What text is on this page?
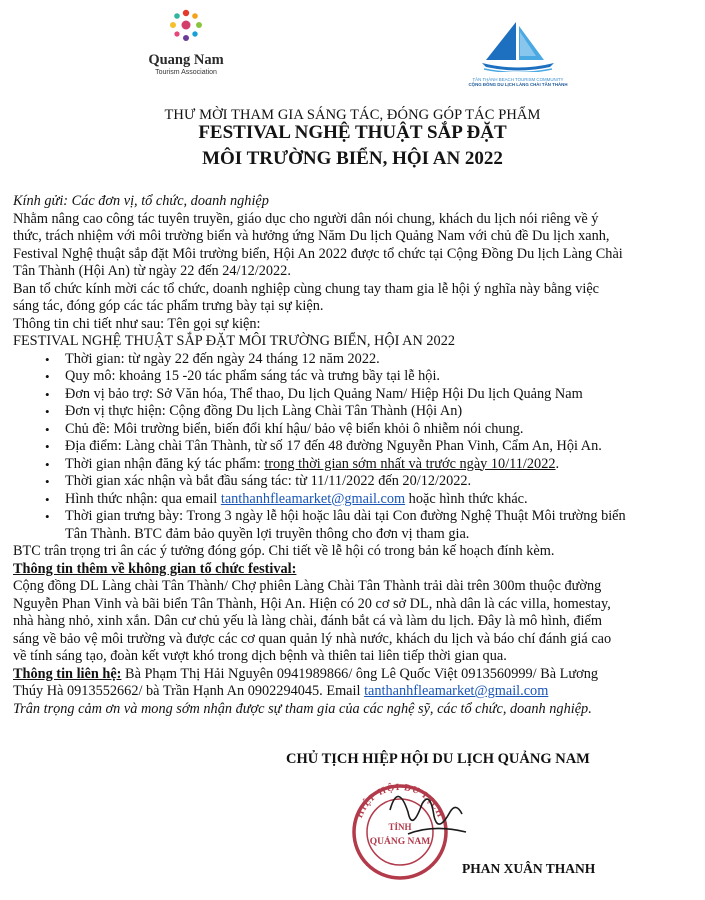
Quang Nam
Tourism Association
TÂN THÀNH BEACH TOURISM COMMUNITY
CỘNG ĐỒNG DU LỊCH LÀNG CHÀI TÂN THÀNH
THƯ MỜI THAM GIA SÁNG TÁC, ĐÓNG GÓP TÁC PHẨM
FESTIVAL NGHỆ THUẬT SẮP ĐẶT
MÔI TRƯỜNG BIỂN, HỘI AN 2022

Kính gửi: Các đơn vị, tổ chức, doanh nghiệp

Nhằm nâng cao công tác tuyên truyền, giáo dục cho người dân nói chung, khách du lịch nói riêng về ý

thức, trách nhiệm với môi trường biển và hưởng ứng Năm Du lịch Quảng Nam với chủ đề Du lịch xanh,

Festival Nghệ thuật sắp đặt Môi trường biển, Hội An 2022 được tổ chức tại Cộng Đồng Du lịch Làng Chài

Tân Thành (Hội An) từ ngày 22 đến 24/12/2022.

Ban tổ chức kính mời các tổ chức, doanh nghiệp cùng chung tay tham gia lễ hội ý nghĩa này bằng việc

sáng tác, đóng góp các tác phẩm trưng bày tại sự kiện.

Thông tin chi tiết như sau: Tên gọi sự kiện:

FESTIVAL NGHỆ THUẬT SẮP ĐẶT MÔI TRƯỜNG BIỂN, HỘI AN 2022

• Thời gian: từ ngày 22 đến ngày 24 tháng 12 năm 2022.
• Quy mô: khoảng 15 -20 tác phẩm sáng tác và trưng bầy tại lễ hội.
• Đơn vị bảo trợ: Sở Văn hóa, Thể thao, Du lịch Quảng Nam/ Hiệp Hội Du lịch Quảng Nam
• Đơn vị thực hiện: Cộng đồng Du lịch Làng Chài Tân Thành (Hội An)
• Chủ đề: Môi trường biển, biến đổi khí hậu/ bảo vệ biển khỏi ô nhiễm nói chung.
• Địa điểm: Làng chài Tân Thành, từ số 17 đến 48 đường Nguyễn Phan Vinh, Cẩm An, Hội An.
• Thời gian nhận đăng ký tác phẩm: trong thời gian sớm nhất và trước ngày 10/11/2022.
• Thời gian xác nhận và bắt đầu sáng tác: từ 11/11/2022 đến 20/12/2022.
• Hình thức nhận: qua email tanthanhfleamarket@gmail.com hoặc hình thức khác.
• Thời gian trưng bày: Trong 3 ngày lễ hội hoặc lâu dài tại Con đường Nghệ Thuật Môi trường biển

Tân Thành. BTC đảm bảo quyền lợi truyền thông cho đơn vị tham gia.

BTC trân trọng tri ân các ý tưởng đóng góp. Chi tiết về lễ hội có trong bản kế hoạch đính kèm.

Thông tin thêm về không gian tổ chức festival:

Cộng đồng DL Làng chài Tân Thành/ Chợ phiên Làng Chài Tân Thành trải dài trên 300m thuộc đường

Nguyễn Phan Vinh và bãi biển Tân Thành, Hội An. Hiện có 20 cơ sở DL, nhà dân là các villa, homestay,

nhà hàng nhỏ, xinh xắn. Dân cư chủ yếu là làng chài, đánh bắt cá và làm du lịch. Đây là mô hình, điểm

sáng về bảo vệ môi trường và được các cơ quan quản lý nhà nước, khách du lịch và báo chí đánh giá cao

về tính sáng tạo, đoàn kết vượt khó trong dịch bệnh và thiên tai liên tiếp thời gian qua.

Thông tin liên hệ: Bà Phạm Thị Hải Nguyên 0941989866/ ông Lê Quốc Việt 0913560999/ Bà Lương

Thúy Hà 0913552662/ bà Trần Hạnh An 0902294045. Email tanthanhfleamarket@gmail.com

Trân trọng cảm ơn và mong sớm nhận được sự tham gia của các nghệ sỹ, các tổ chức, doanh nghiệp.

CHỦ TỊCH HIỆP HỘI DU LỊCH QUẢNG NAM
HIỆP HỘI DU LỊCH
TỈNH
QUẢNG NAM
PHAN XUÂN THANH
